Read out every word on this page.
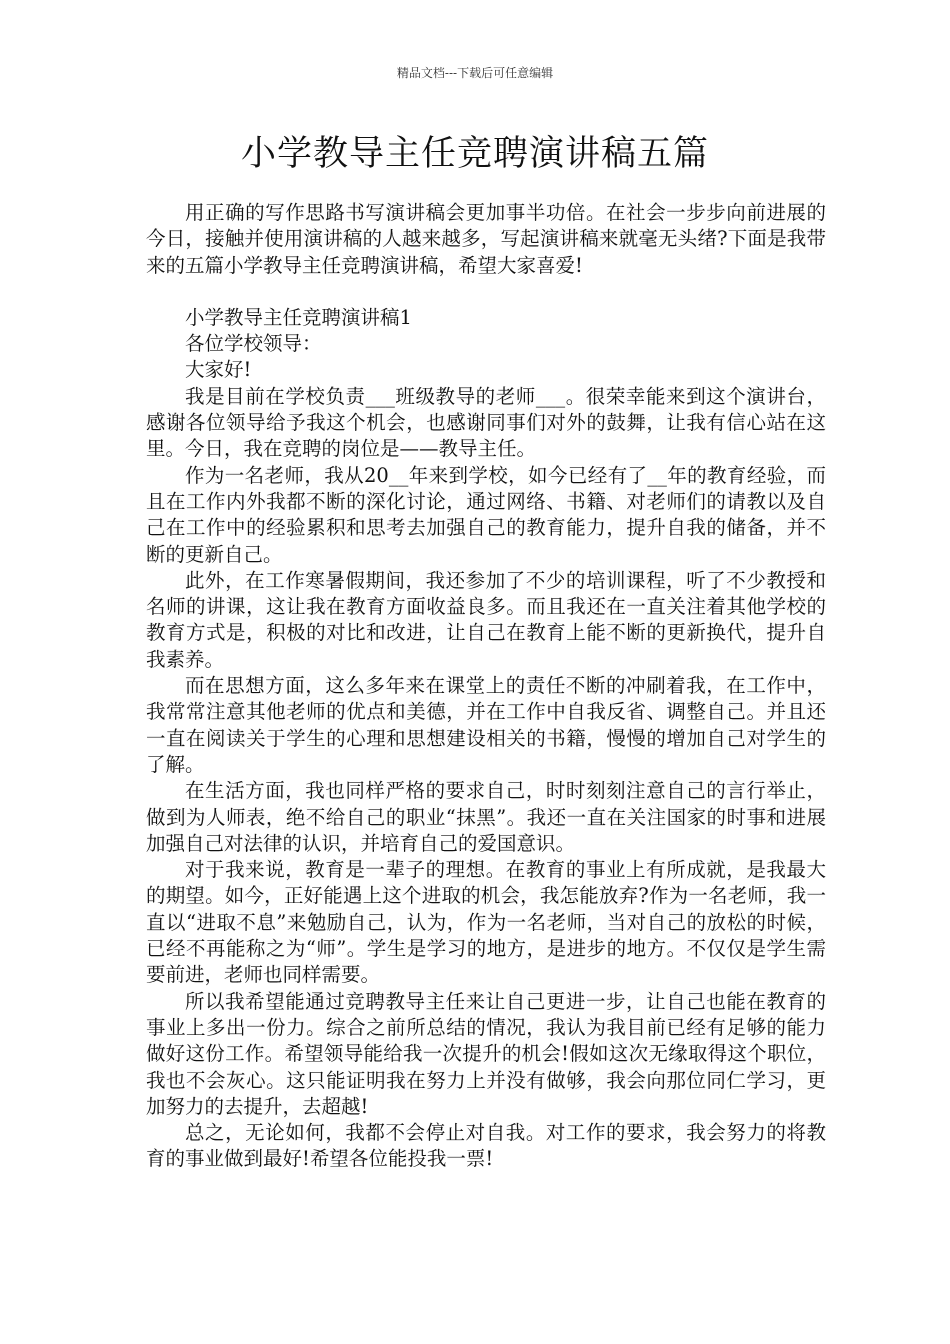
精品文档---下载后可任意编辑
小学教导主任竞聘演讲稿五篇

用正确的写作思路书写演讲稿会更加事半功倍。在社会一步步向前进展的今日，接触并使用演讲稿的人越来越多，写起演讲稿来就毫无头绪?下面是我带来的五篇小学教导主任竞聘演讲稿，希望大家喜爱!

小学教导主任竞聘演讲稿1

各位学校领导：

大家好!

我是目前在学校负责___班级教导的老师___。很荣幸能来到这个演讲台，感谢各位领导给予我这个机会，也感谢同事们对外的鼓舞，让我有信心站在这里。今日，我在竞聘的岗位是——教导主任。

作为一名老师，我从20__年来到学校，如今已经有了__年的教育经验，而且在工作内外我都不断的深化讨论，通过网络、书籍、对老师们的请教以及自己在工作中的经验累积和思考去加强自己的教育能力，提升自我的储备，并不断的更新自己。

此外，在工作寒暑假期间，我还参加了不少的培训课程，听了不少教授和名师的讲课，这让我在教育方面收益良多。而且我还在一直关注着其他学校的教育方式是，积极的对比和改进，让自己在教育上能不断的更新换代，提升自我素养。

而在思想方面，这么多年来在课堂上的责任不断的冲刷着我，在工作中，我常常注意其他老师的优点和美德，并在工作中自我反省、调整自己。并且还一直在阅读关于学生的心理和思想建设相关的书籍，慢慢的增加自己对学生的了解。

在生活方面，我也同样严格的要求自己，时时刻刻注意自己的言行举止，做到为人师表，绝不给自己的职业“抹黑”。我还一直在关注国家的时事和进展加强自己对法律的认识，并培育自己的爱国意识。

对于我来说，教育是一辈子的理想。在教育的事业上有所成就，是我最大的期望。如今，正好能遇上这个进取的机会，我怎能放弃?作为一名老师，我一直以“进取不息”来勉励自己，认为，作为一名老师，当对自己的放松的时候，已经不再能称之为“师”。学生是学习的地方，是进步的地方。不仅仅是学生需要前进，老师也同样需要。

所以我希望能通过竞聘教导主任来让自己更进一步，让自己也能在教育的事业上多出一份力。综合之前所总结的情况，我认为我目前已经有足够的能力做好这份工作。希望领导能给我一次提升的机会!假如这次无缘取得这个职位，我也不会灰心。这只能证明我在努力上并没有做够，我会向那位同仁学习，更加努力的去提升，去超越!

总之，无论如何，我都不会停止对自我。对工作的要求，我会努力的将教育的事业做到最好!希望各位能投我一票!
